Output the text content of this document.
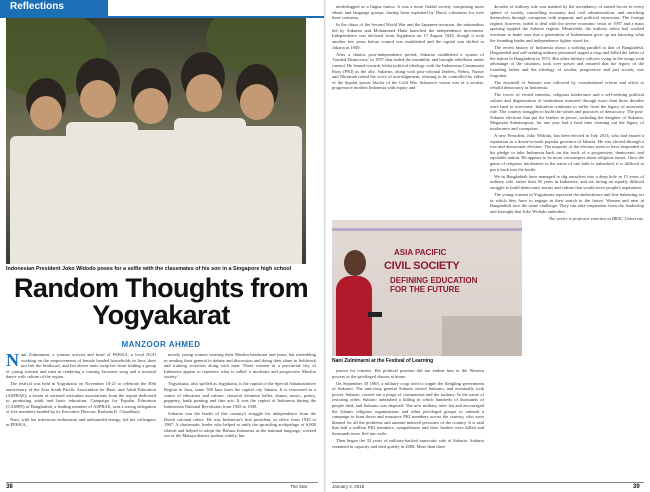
Reflections
Indonesian President Joko Widodo poses for a selfie with the classmates of his son in a Singapore high school
Random Thoughts from
Yogyakarat
MANZOOR AHMED

Nani Zulminarni, a woman activist and head of PEKKA, a local NGO working on the empowerment of female headed households in Java, does not fret the headscarf, and her above tunic wrap her from leading a group of young women and men in rendering a rousing Javanese song and a musical dance with culture of the region.

The festival was held in Yogyakarta on November 18-21 to celebrate the 50th anniversary of the Asia South Pacific Association for Basic and Adult Education (ASPBAE), a forum of national education associations from the region dedicated to promoting adult and basic education. Campaign for Popular Education (CAMPE) of Bangladesh, a leading member of ASPBAE, sent a strong delegation of five members headed by its Executive Director, Rasheda K. Choudhury.

Nani, with her infectious enthusiasm and unbounded energy, led her colleagues in PEKKA,

mostly young women wearing their Muslim headscarf and jeans, but resembling in sending their general to debate and discussion and doing their share in fieldwork and training activities along with men. These women in a provincial city of Indonesia appear to represent what is called 'a moderate and progressive Muslim society.'

Yogyakarta, also spelled as Jogjakarta, is the capital of the Special Administrative Region in Java, some 560 kms from the capital city Jakarta. It is renowned as a centre of education and culture, classical Javanese ballet, drama, music, poetry, puppetry, batik printing and fine arts. It was the capital of Indonesia during the Indonesian National Revolution from 1945 to 1949.

Sukarno was the leader of this country's struggle for independence from the Dutch colonial rulers. He was Indonesia's first president, in office from 1945 to 1967. A charismatic leader who helped to unify the sprawling archipelago of 6,000 islands and helped to adopt the Bahasa Indonesia as the national language, worked out of the Malaya district spoken widely, but

38	The Star

underdogged as a lingua franca. It was a more fluidal society comprising more ethnic and language groups, having been exploited by Dutch colonizers for over three centuries.

In the chaos of the Second World War and the Japanese invasion, the nationalists led by Sukarno and Mohammed Hatta launched the independence movement. Independence was declared from Jogjakarta on 17 August 1945, though it took another few years before control was established and the capital was shifted to Jakarta in 1949.

After a chaotic post-independence period, Sukarno established a system of 'Guided Democracy' in 1957 that ended the instability and brought rebellions under control. He leaned towards leftist political ideology with the Indonesian Communist Party (PKI) as the ally. Sukarno, along with post-colonial leaders, Nehru, Nasser and Nkrumah raised the voice of non-alignment, refusing to be controlled by either of the bipolar power blocks of the Cold War. Sukarno's vision was of a secular, progressive modern Indonesia with equity and

justice for citizens. His political position did not endear him to the Western powers or the privileged classes at home.

On September 30 1965, a military coup tried to topple the fledgling government of Sukarno. The anti-coup general Suharto ousted Sukarno, and eventually took power. Suharto, carried out a purge of communists and the military. In the name of restoring order, Suharto unleashed a killing in which hundreds of thousands of people died, and Sukarno was deposed. The new military ruler led and encouraged the Islamic religious organizations and other privileged groups to unleash a campaign to hunt down and massacre PKI members across the country, who were blamed for all the problems and anomie-induced pressures of the country. It is said that half a million PKI members, sympathizers and their leaders were killed and thousands more fled into exile.

Then began the 32 years of military-backed autocratic rule of Suharto. Suharto remained in capacity and died quietly in 2008. More than three

ASIA PACIFIC
CIVIL SOCIETY
DEFINING EDUCATION
FOR THE FUTURE
Nani Zulminarni at the Festival of Learning

decades of military rule was marked by the ascendancy of armed forces in every sphere of society, controlling economy and civil administration, and enriching themselves through corruption with impunity and political repression. The foreign regime, however, failed to deal with the severe economic crisis of 1997 and a mass uprising toppled the Suharto regime. Meanwhile, the military rulers had worked overtime to make sure that a generation of Indonesians grew up not knowing what the founding leader and independence fighter stood for.

The recent history of Indonesia shows a striking parallel to that of Bangladesh. Disgruntled and self-seeking military personnel staged a coup and killed the father of the nation in Bangladesh in 1975. But other military officers vying in the wings took advantage of the situation, took over power and ensured that the legacy of the founding father and the ideology of secular, progressive and just society was forgotten.

The downfall of Suharto was followed by constitutional reform and effort to rebuild democracy in Indonesia.

The forces of vested interests, religious intolerance and a self-seeking political culture and degeneration of institutions nurtured through more than three decades were hard to overcome. Indonesia continues to suffer from the legacy of autocratic rule. The country struggles to build the values and practices of democracy. The post-Suharto elections that put the leaders in power, including the daughter of Sukarno, Megawati Sukarnoputri, for one year had a hard time cleaning out the legacy of intolerance and corruption.

A new President, Joko Widodo, has been elected in July 2014, who had earned a reputation as a down-to-earth popular governor of Jakarta. He was elected through a free and democratic election. The majority of the electors seem to have responded to his pledge to take Indonesia back on the track of a progressive, democratic and equitable nation. He appears to be more circumspect about religious issues. Once the genie of religious intolerance in the name of one faith is unleashed, it is difficult to put it back into the bottle.

We in Bangladesh have managed to dig ourselves into a deep hole in 15 years of military rule, rather than 30 years in Indonesia, and are facing an equally difficult struggle to build democratic norms and culture that would serve people's aspirations.

The young women in Yogyakarta represent the ambivalence and fine balancing act in which they have to engage in their search in the future. Women and men in Bangladesh face the same challenge. They can take inspiration from the leadership and foresight that Joko Widodo embodies.

The writer is professor emeritus at BRAC University.

January 2, 2015	39
